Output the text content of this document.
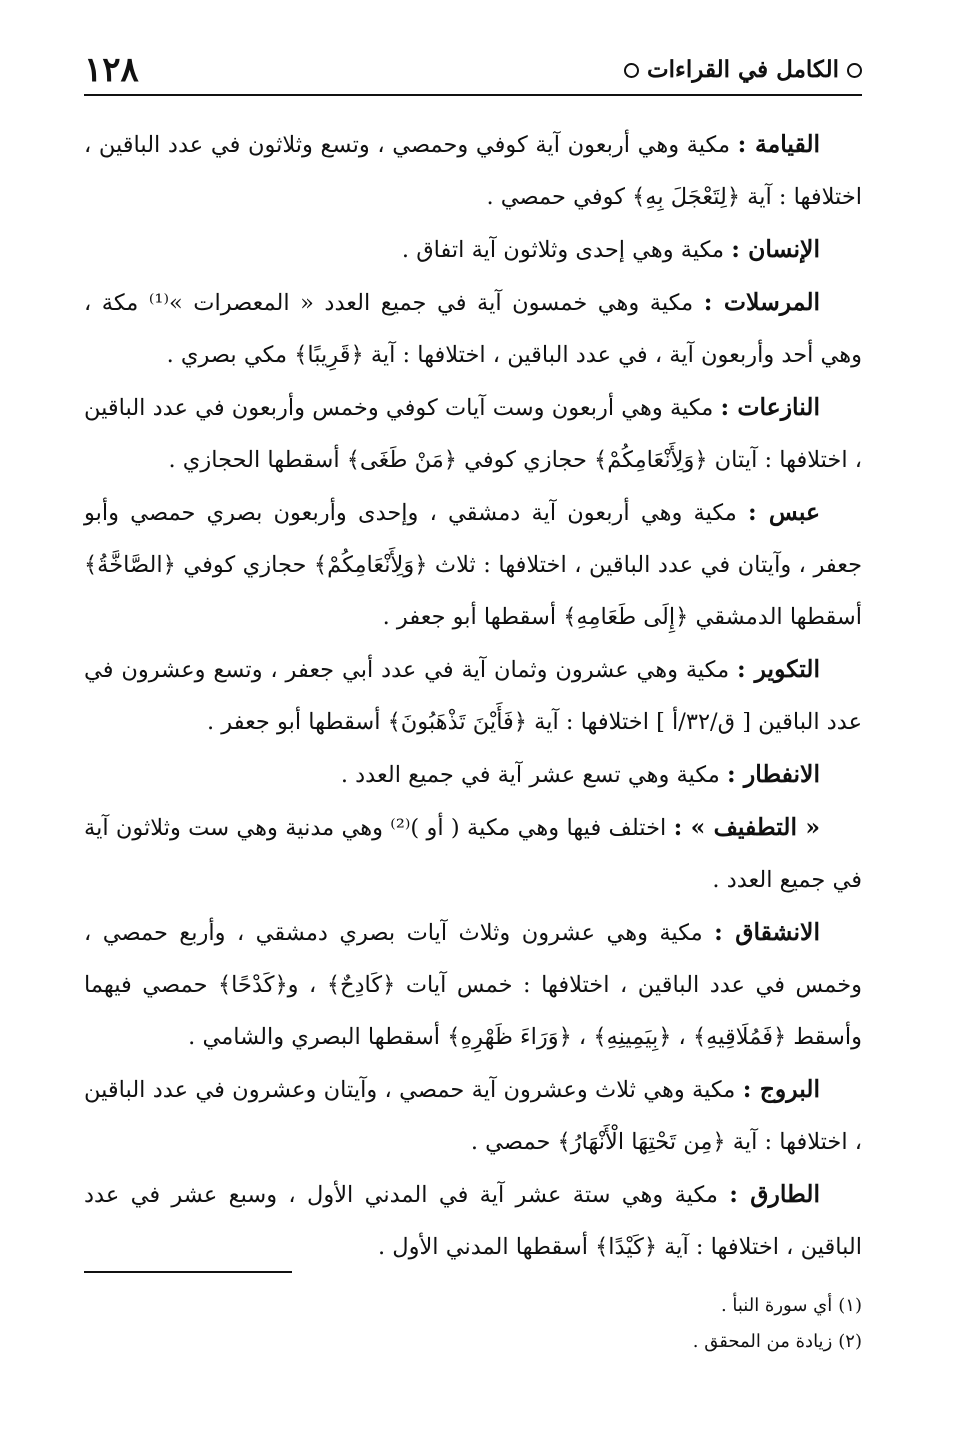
الكامل في القراءات
١٢٨

القيامة : مكية وهي أربعون آية كوفي وحمصي ، وتسع وثلاثون في عدد الباقين ، اختلافها : آية ﴿لِتَعْجَلَ بِهِ﴾ كوفي حمصي .

الإنسان : مكية وهي إحدى وثلاثون آية اتفاق .

المرسلات : مكية وهي خمسون آية في جميع العدد « المعصرات »⁽¹⁾ مكة ، وهي أحد وأربعون آية ، في عدد الباقين ، اختلافها : آية ﴿قَرِيبًا﴾ مكي بصري .

النازعات : مكية وهي أربعون وست آيات كوفي وخمس وأربعون في عدد الباقين ، اختلافها : آيتان ﴿وَلِأَنْعَامِكُمْ﴾ حجازي كوفي ﴿مَنْ طَغَى﴾ أسقطها الحجازي .

عبس : مكية وهي أربعون آية دمشقي ، وإحدى وأربعون بصري حمصي وأبو جعفر ، وآيتان في عدد الباقين ، اختلافها : ثلاث ﴿وَلِأَنْعَامِكُمْ﴾ حجازي كوفي ﴿الصَّاخَّةُ﴾ أسقطها الدمشقي ﴿إِلَى طَعَامِهِ﴾ أسقطها أبو جعفر .

التكوير : مكية وهي عشرون وثمان آية في عدد أبي جعفر ، وتسع وعشرون في عدد الباقين [ ق/٣٢/أ ] اختلافها : آية ﴿فَأَيْنَ تَذْهَبُونَ﴾ أسقطها أبو جعفر .

الانفطار : مكية وهي تسع عشر آية في جميع العدد .

« التطفيف » : اختلف فيها وهي مكية ( أو )⁽²⁾ وهي مدنية وهي ست وثلاثون آية في جميع العدد .

الانشقاق : مكية وهي عشرون وثلاث آيات بصري دمشقي ، وأربع حمصي ، وخمس في عدد الباقين ، اختلافها : خمس آيات ﴿كَادِحٌ﴾ ، و﴿كَدْحًا﴾ حمصي فيهما وأسقط ﴿فَمُلَاقِيهِ﴾ ، ﴿بِيَمِينِهِ﴾ ، ﴿وَرَاءَ ظَهْرِهِ﴾ أسقطها البصري والشامي .

البروج : مكية وهي ثلاث وعشرون آية حمصي ، وآيتان وعشرون في عدد الباقين ، اختلافها : آية ﴿مِن تَحْتِهَا الْأَنْهَارُ﴾ حمصي .

الطارق : مكية وهي ستة عشر آية في المدني الأول ، وسبع عشر في عدد الباقين ، اختلافها : آية ﴿كَيْدًا﴾ أسقطها المدني الأول .

(١)
أي سورة النبأ .
(٢)
زيادة من المحقق .
